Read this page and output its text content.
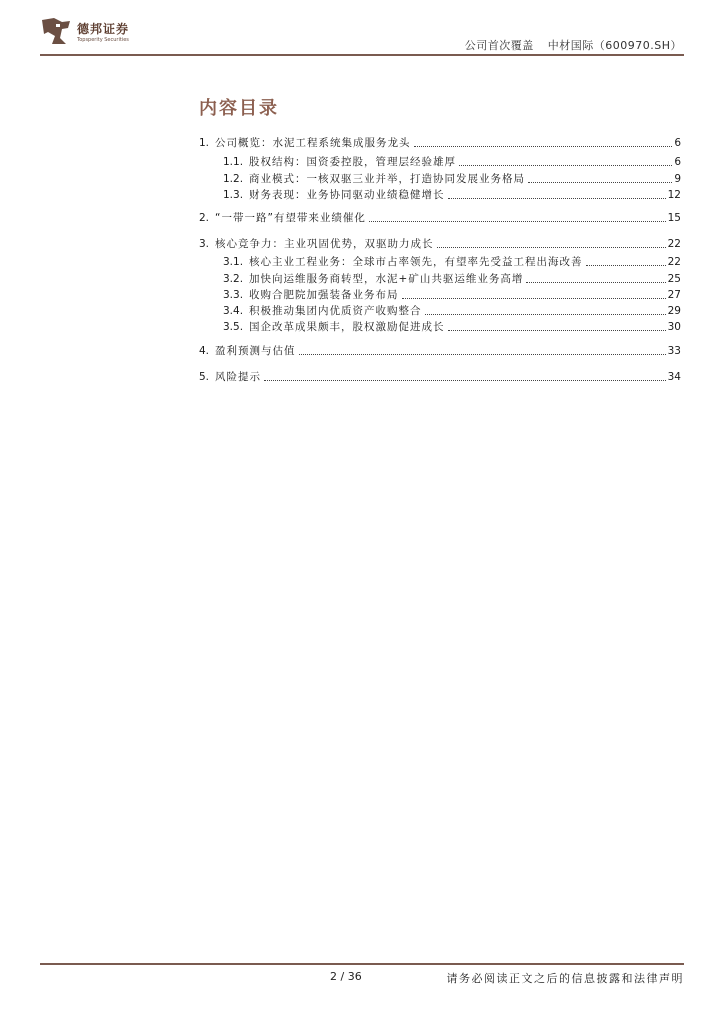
德邦证券
Topsperity Securities	公司首次覆盖 中材国际（600970.SH）
内容目录
1. 公司概览：水泥工程系统集成服务龙头	6
1.1. 股权结构：国资委控股，管理层经验雄厚	6
1.2. 商业模式：一核双驱三业并举，打造协同发展业务格局	9
1.3. 财务表现：业务协同驱动业绩稳健增长	12
2. “一带一路”有望带来业绩催化	15
3. 核心竞争力：主业巩固优势，双驱助力成长	22
3.1. 核心主业工程业务：全球市占率领先，有望率先受益工程出海改善	22
3.2. 加快向运维服务商转型，水泥+矿山共驱运维业务高增	25
3.3. 收购合肥院加强装备业务布局	27
3.4. 积极推动集团内优质资产收购整合	29
3.5. 国企改革成果颇丰，股权激励促进成长	30
4. 盈利预测与估值	33
5. 风险提示	34
2 / 36	请务必阅读正文之后的信息披露和法律声明
